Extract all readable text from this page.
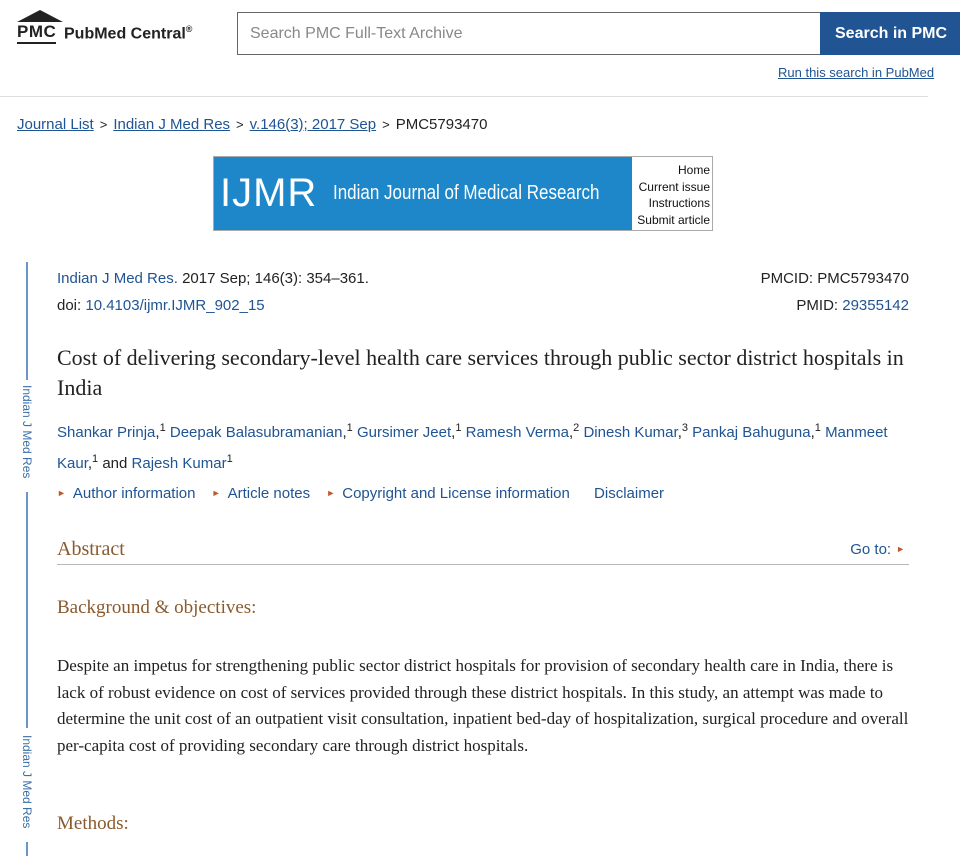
PMC PubMed Central®	Search PMC Full-Text Archive	Search in PMC
Run this search in PubMed
Journal List > Indian J Med Res > v.146(3); 2017 Sep > PMC5793470
IJMR Indian Journal of Medical Research
Home
Current issue
Instructions
Submit article
Indian J Med Res
Indian J Med Res
Indian J Med Res. 2017 Sep; 146(3): 354–361.
doi: 10.4103/ijmr.IJMR_902_15
PMCID: PMC5793470
PMID: 29355142
Cost of delivering secondary-level health care services through public sector district hospitals in India
Shankar Prinja,$^1$ Deepak Balasubramanian,$^1$ Gursimer Jeet,$^1$ Ramesh Verma,$^2$ Dinesh Kumar,$^3$ Pankaj Bahuguna,$^1$ Manmeet Kaur,$^1$ and Rajesh Kumar$^1$
► Author information ► Article notes ► Copyright and License information Disclaimer
Abstract	Go to: ►
Background & objectives:
Despite an impetus for strengthening public sector district hospitals for provision of secondary health care in India, there is lack of robust evidence on cost of services provided through these district hospitals. In this study, an attempt was made to determine the unit cost of an outpatient visit consultation, inpatient bed-day of hospitalization, surgical procedure and overall per-capita cost of providing secondary care through district hospitals.
Methods:
